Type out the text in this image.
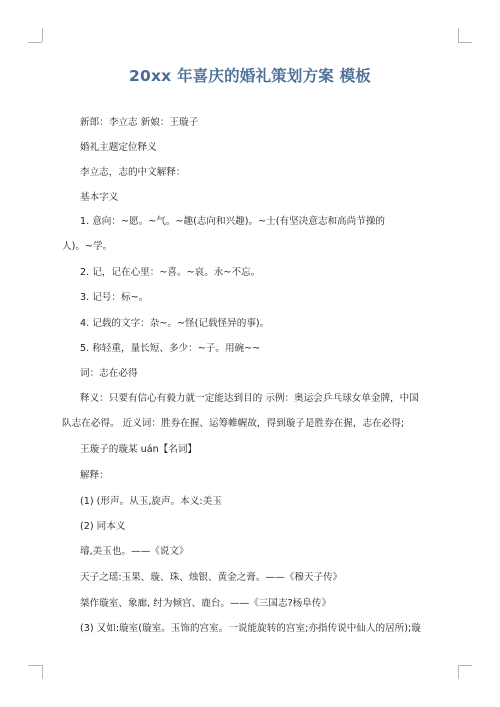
20xx 年喜庆的婚礼策划方案 模板
新郎：李立志 新娘：王璇子
婚礼主题定位释义
李立志，志的中文解释：
基本字义
1. 意向：~愿。~气。~趣(志向和兴趣)。~士(有坚决意志和高尚节操的
人)。~学。
2. 记，记在心里：~喜。~哀。永~不忘。
3. 记号：标~。
4. 记载的文字：杂~。~怪(记载怪异的事)。
5. 称轻重，量长短、多少：~子。用碗~~
词：志在必得
释义：只要有信心有毅力就一定能达到目的 示例：奥运会乒乓球女单金牌，中国
队志在必得。 近义词：胜券在握、运筹帷幄故，得到璇子是胜券在握，志在必得;
王璇子的璇某 uán【名词】
解释：
(1) (形声。从玉,旋声。本义:美玉
(2) 同本义
璿,美玉也。——《说文》
天子之瑶:玉果、璇、珠、烛银、黄金之膏。——《穆天子传》
桀作璇室、象廊, 纣为倾宫、鹿台。——《三国志?杨阜传》
(3) 又如:璇室(璇室。玉饰的宫室。一说能旋转的宫室;亦指传说中仙人的居所);璇
